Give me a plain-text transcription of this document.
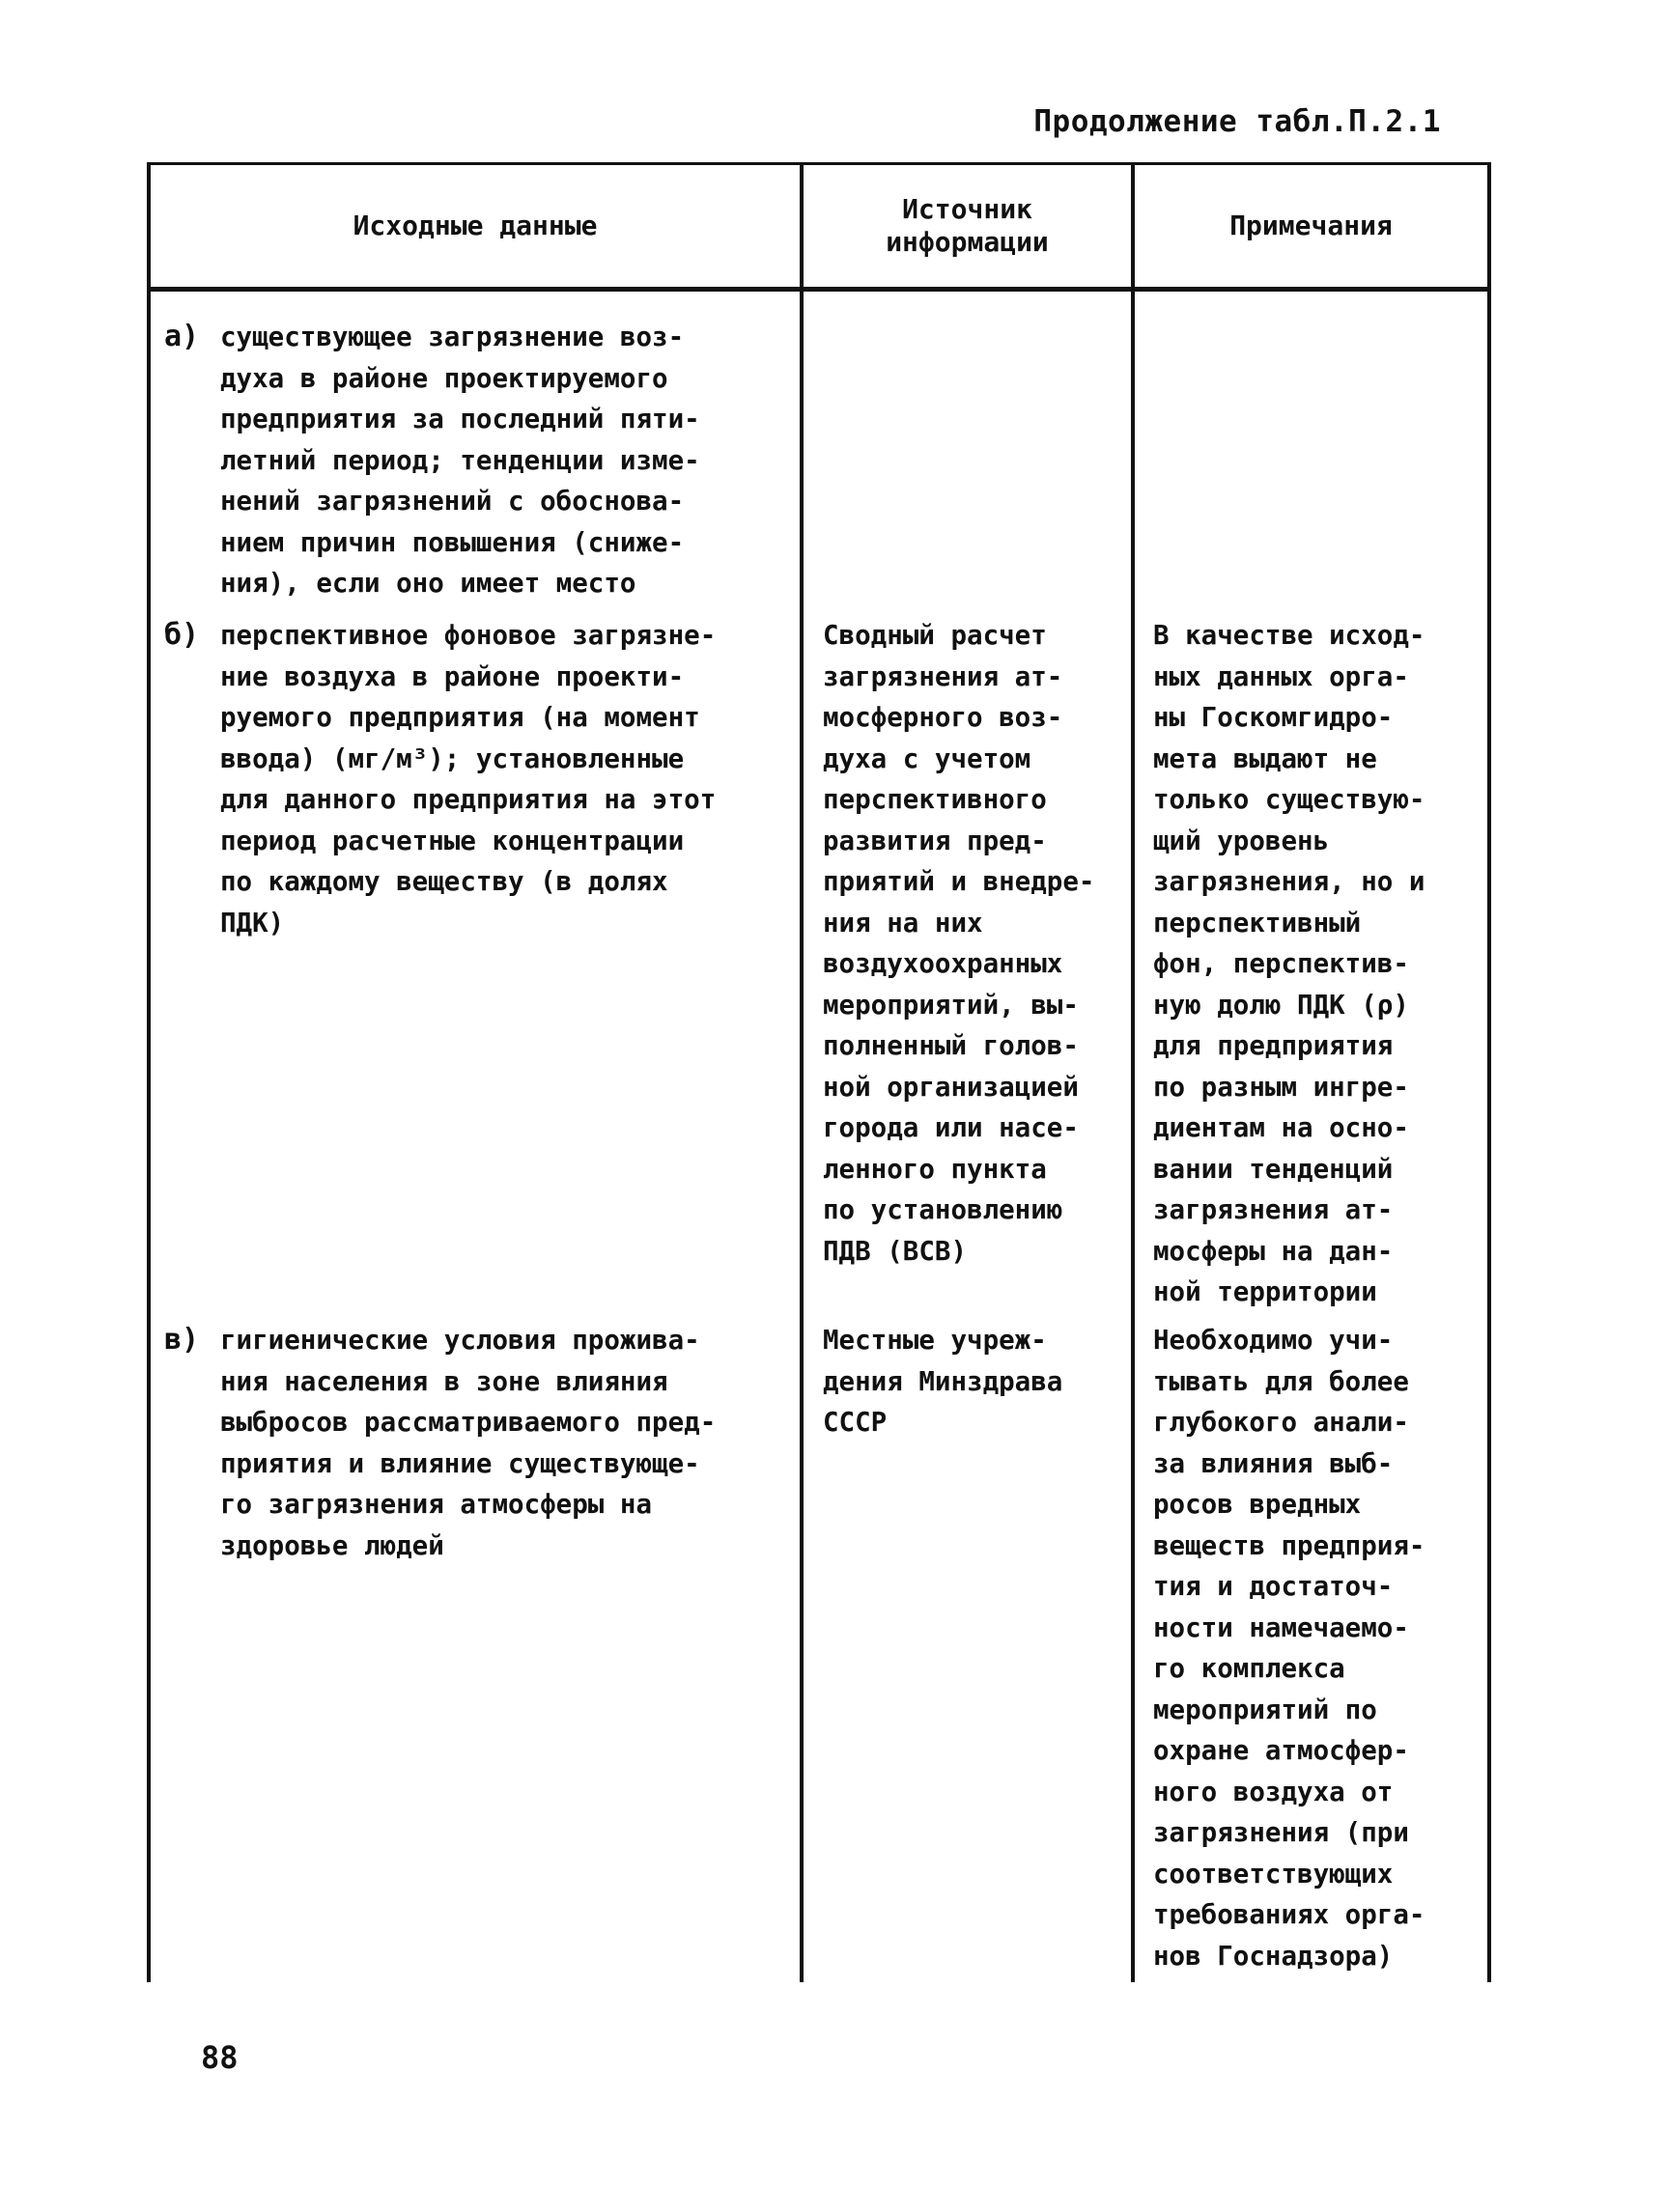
Продолжение табл.П.2.1
Исходные данные
Источник
информации
Примечания
а) существующее загрязнение воз-
духа в районе проектируемого
предприятия за последний пяти-
летний период; тенденции изме-
нений загрязнений с обоснова-
нием причин повышения (сниже-
ния), если оно имеет место
б) перспективное фоновое загрязне-
ние воздуха в районе проекти-
руемого предприятия (на момент
ввода) (мг/м³); установленные
для данного предприятия на этот
период расчетные концентрации
по каждому веществу (в долях
ПДК)
Сводный расчет
загрязнения ат-
мосферного воз-
духа с учетом
перспективного
развития пред-
приятий и внедре-
ния на них
воздухоохранных
мероприятий, вы-
полненный голов-
ной организацией
города или насе-
ленного пункта
по установлению
ПДВ (ВСВ)
В качестве исход-
ных данных орга-
ны Госкомгидро-
мета выдают не
только существую-
щий уровень
загрязнения, но и
перспективный
фон, перспектив-
ную долю ПДК (ρ)
для предприятия
по разным ингре-
диентам на осно-
вании тенденций
загрязнения ат-
мосферы на дан-
ной территории
в) гигиенические условия прожива-
ния населения в зоне влияния
выбросов рассматриваемого пред-
приятия и влияние существующе-
го загрязнения атмосферы на
здоровье людей
Местные учреж-
дения Минздрава
СССР
Необходимо учи-
тывать для более
глубокого анали-
за влияния выб-
росов вредных
веществ предприя-
тия и достаточ-
ности намечаемо-
го комплекса
мероприятий по
охране атмосфер-
ного воздуха от
загрязнения (при
соответствующих
требованиях орга-
нов Госнадзора)
88
